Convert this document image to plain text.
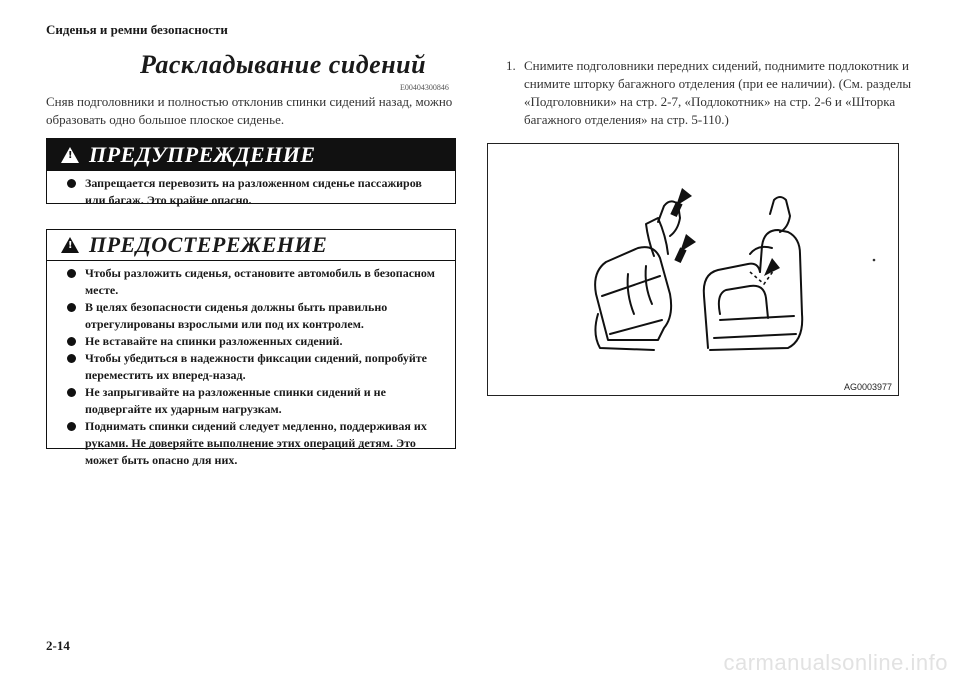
Сиденья и ремни безопасности
Раскладывание сидений
E00404300846
Сняв подголовники и полностью отклонив спинки сидений назад, можно образовать одно большое плоское сиденье.
!
ПРЕДУПРЕЖДЕНИЕ
Запрещается перевозить на разложенном сиденье пассажиров или багаж. Это крайне опасно.
!
ПРЕДОСТЕРЕЖЕНИЕ
Чтобы разложить сиденья, остановите автомобиль в безопасном месте.
В целях безопасности сиденья должны быть правильно отрегулированы взрослыми или под их контролем.
Не вставайте на спинки разложенных сидений.
Чтобы убедиться в надежности фиксации сидений, попробуйте переместить их вперед-назад.
Не запрыгивайте на разложенные спинки сидений и не подвергайте их ударным нагрузкам.
Поднимать спинки сидений следует медленно, поддерживая их руками. Не доверяйте выполнение этих операций детям. Это может быть опасно для них.
1. Снимите подголовники передних сидений, поднимите подлокотник и снимите шторку багажного отделения (при ее наличии). (См. разделы «Подголовники» на стр. 2-7, «Подлокотник» на стр. 2-6 и «Шторка багажного отделения» на стр. 5-110.)
AG0003977
2-14
carmanualsonline.info
